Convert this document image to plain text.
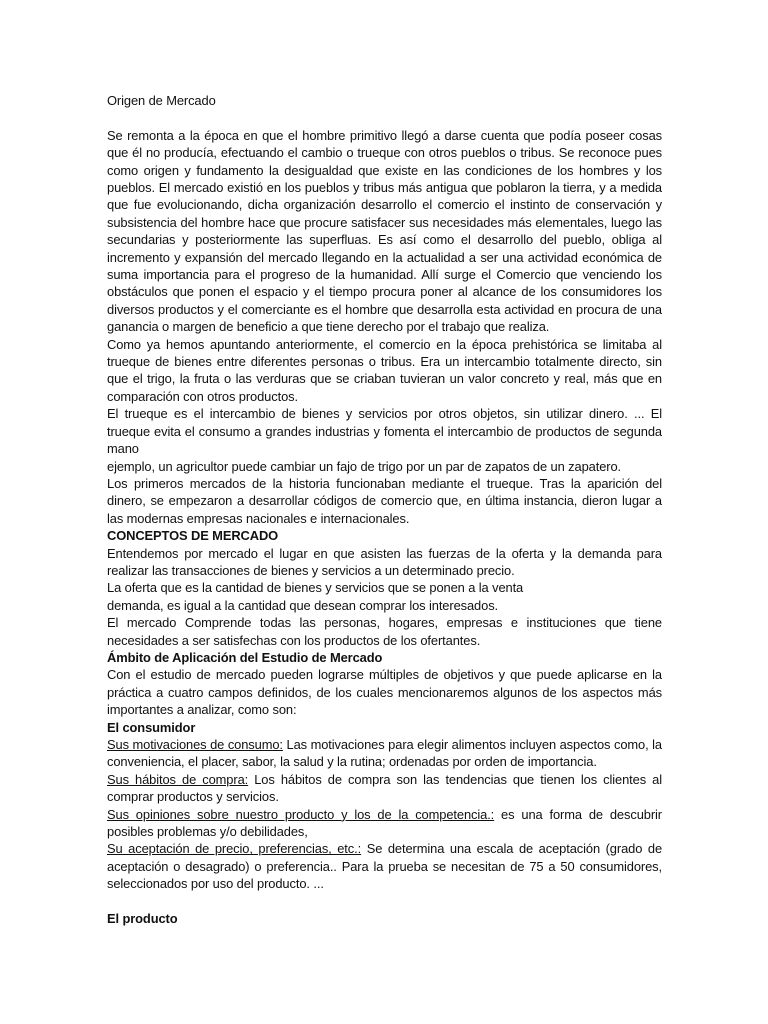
Origen de Mercado

Se remonta a la época en que el hombre primitivo llegó a darse cuenta que podía poseer cosas que él no producía, efectuando el cambio o trueque con otros pueblos o tribus. Se reconoce pues como origen y fundamento la desigualdad que existe en las condiciones de los hombres y los pueblos. El mercado existió en los pueblos y tribus más antigua que poblaron la tierra, y a medida que fue evolucionando, dicha organización desarrollo el comercio el instinto de conservación y subsistencia del hombre hace que procure satisfacer sus necesidades más elementales, luego las secundarias y posteriormente las superfluas. Es así como el desarrollo del pueblo, obliga al incremento y expansión del mercado llegando en la actualidad a ser una actividad económica de suma importancia para el progreso de la humanidad. Allí surge el Comercio que venciendo los obstáculos que ponen el espacio y el tiempo procura poner al alcance de los consumidores los diversos productos y el comerciante es el hombre que desarrolla esta actividad en procura de una ganancia o margen de beneficio a que tiene derecho por el trabajo que realiza.

Como ya hemos apuntando anteriormente, el comercio en la época prehistórica se limitaba al trueque de bienes entre diferentes personas o tribus. Era un intercambio totalmente directo, sin que el trigo, la fruta o las verduras que se criaban tuvieran un valor concreto y real, más que en comparación con otros productos.

El trueque es el intercambio de bienes y servicios por otros objetos, sin utilizar dinero. ... El trueque evita el consumo a grandes industrias y fomenta el intercambio de productos de segunda mano

ejemplo, un agricultor puede cambiar un fajo de trigo por un par de zapatos de un zapatero.

Los primeros mercados de la historia funcionaban mediante el trueque. Tras la aparición del dinero, se empezaron a desarrollar códigos de comercio que, en última instancia, dieron lugar a las modernas empresas nacionales e internacionales.

CONCEPTOS DE MERCADO

Entendemos por mercado el lugar en que asisten las fuerzas de la oferta y la demanda para realizar las transacciones de bienes y servicios a un determinado precio.

La oferta que es la cantidad de bienes y servicios que se ponen a la venta

demanda, es igual a la cantidad que desean comprar los interesados.

El mercado Comprende todas las personas, hogares, empresas e instituciones que tiene necesidades a ser satisfechas con los productos de los ofertantes.

Ámbito de Aplicación del Estudio de Mercado

Con el estudio de mercado pueden lograrse múltiples de objetivos y que puede aplicarse en la práctica a cuatro campos definidos, de los cuales mencionaremos algunos de los aspectos más importantes a analizar, como son:

El consumidor

Sus motivaciones de consumo: Las motivaciones para elegir alimentos incluyen aspectos como, la conveniencia, el placer, sabor, la salud y la rutina; ordenadas por orden de importancia.

Sus hábitos de compra: Los hábitos de compra son las tendencias que tienen los clientes al comprar productos y servicios.

Sus opiniones sobre nuestro producto y los de la competencia.: es una forma de descubrir posibles problemas y/o debilidades,

Su aceptación de precio, preferencias, etc.: Se determina una escala de aceptación (grado de aceptación o desagrado) o preferencia.. Para la prueba se necesitan de 75 a 50 consumidores, seleccionados por uso del producto. ...

El producto
